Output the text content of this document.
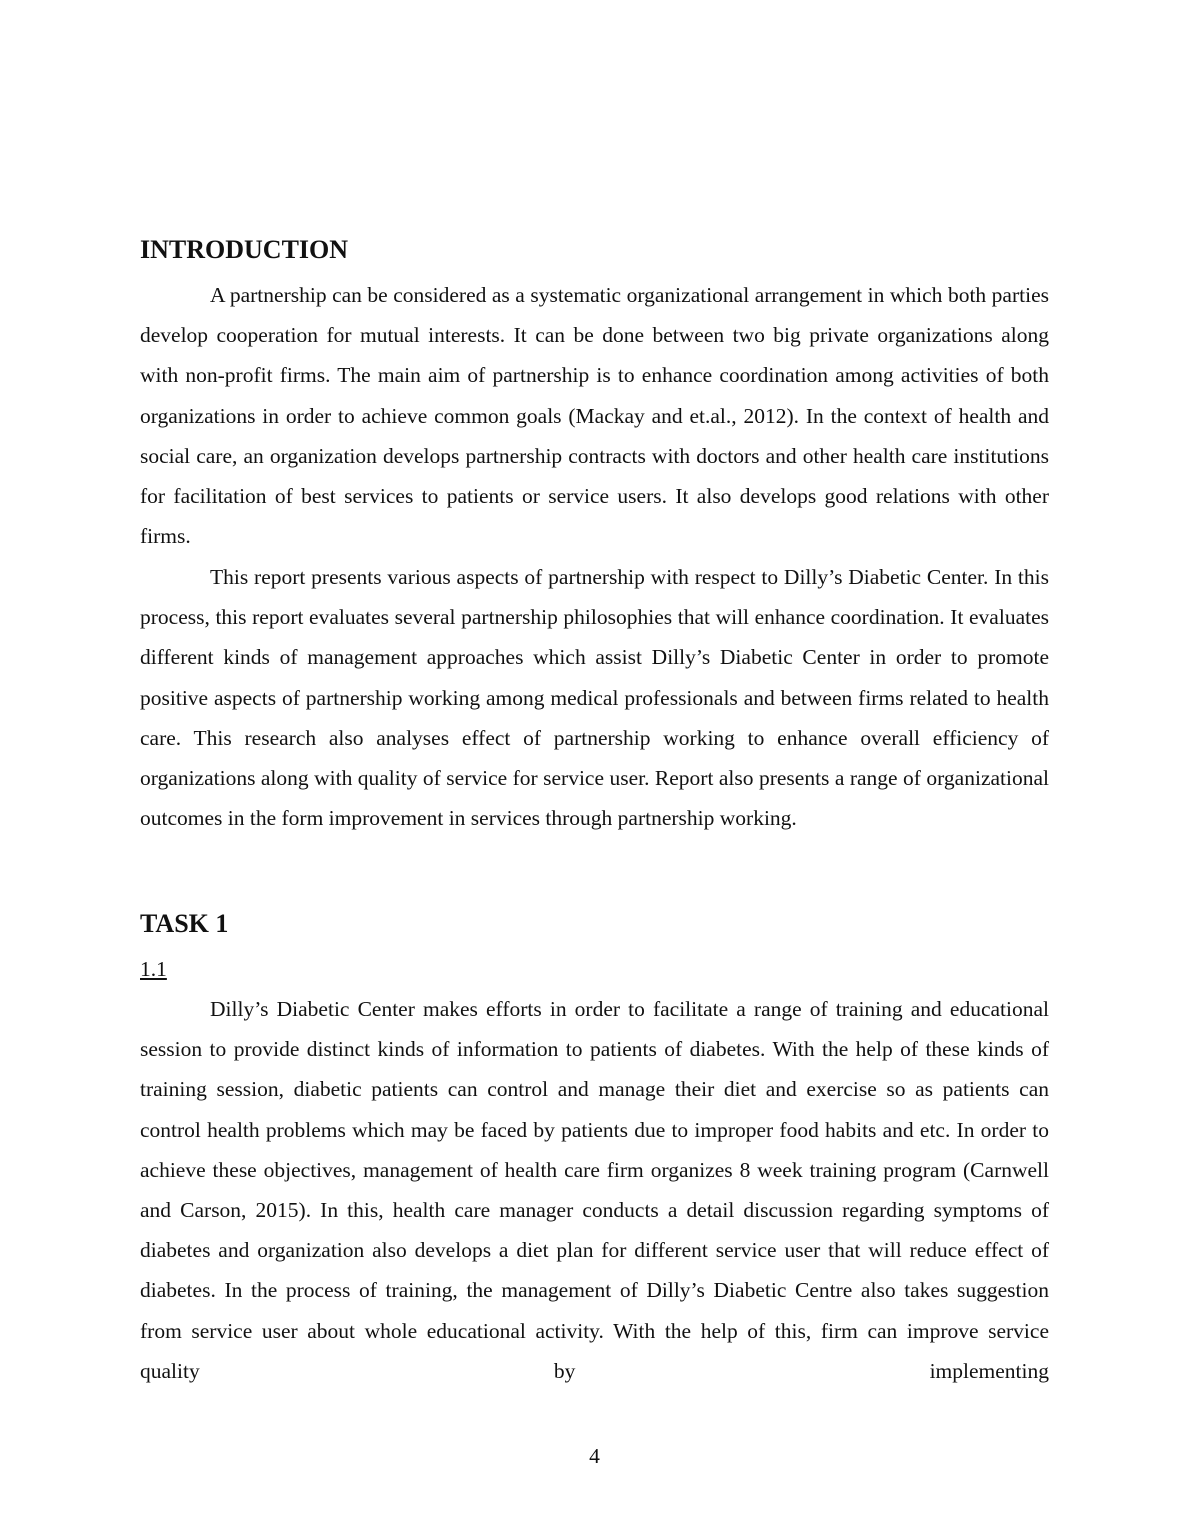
INTRODUCTION

A partnership can be considered as a systematic organizational arrangement in which both parties develop cooperation for mutual interests. It can be done between two big private organizations along with non-profit firms. The main aim of partnership is to enhance coordination among activities of both organizations in order to achieve common goals (Mackay and et.al., 2012). In the context of health and social care, an organization develops partnership contracts with doctors and other health care institutions for facilitation of best services to patients or service users. It also develops good relations with other firms.

This report presents various aspects of partnership with respect to Dilly’s Diabetic Center. In this process, this report evaluates several partnership philosophies that will enhance coordination. It evaluates different kinds of management approaches which assist Dilly’s Diabetic Center in order to promote positive aspects of partnership working among medical professionals and between firms related to health care. This research also analyses effect of partnership working to enhance overall efficiency of organizations along with quality of service for service user. Report also presents a range of organizational outcomes in the form improvement in services through partnership working.

TASK 1
1.1

Dilly’s Diabetic Center makes efforts in order to facilitate a range of training and educational session to provide distinct kinds of information to patients of diabetes. With the help of these kinds of training session, diabetic patients can control and manage their diet and exercise so as patients can control health problems which may be faced by patients due to improper food habits and etc. In order to achieve these objectives, management of health care firm organizes 8 week training program (Carnwell and Carson, 2015). In this, health care manager conducts a detail discussion regarding symptoms of diabetes and organization also develops a diet plan for different service user that will reduce effect of diabetes. In the process of training, the management of Dilly’s Diabetic Centre also takes suggestion from service user about whole educational activity. With the help of this, firm can improve service quality by implementing

4
